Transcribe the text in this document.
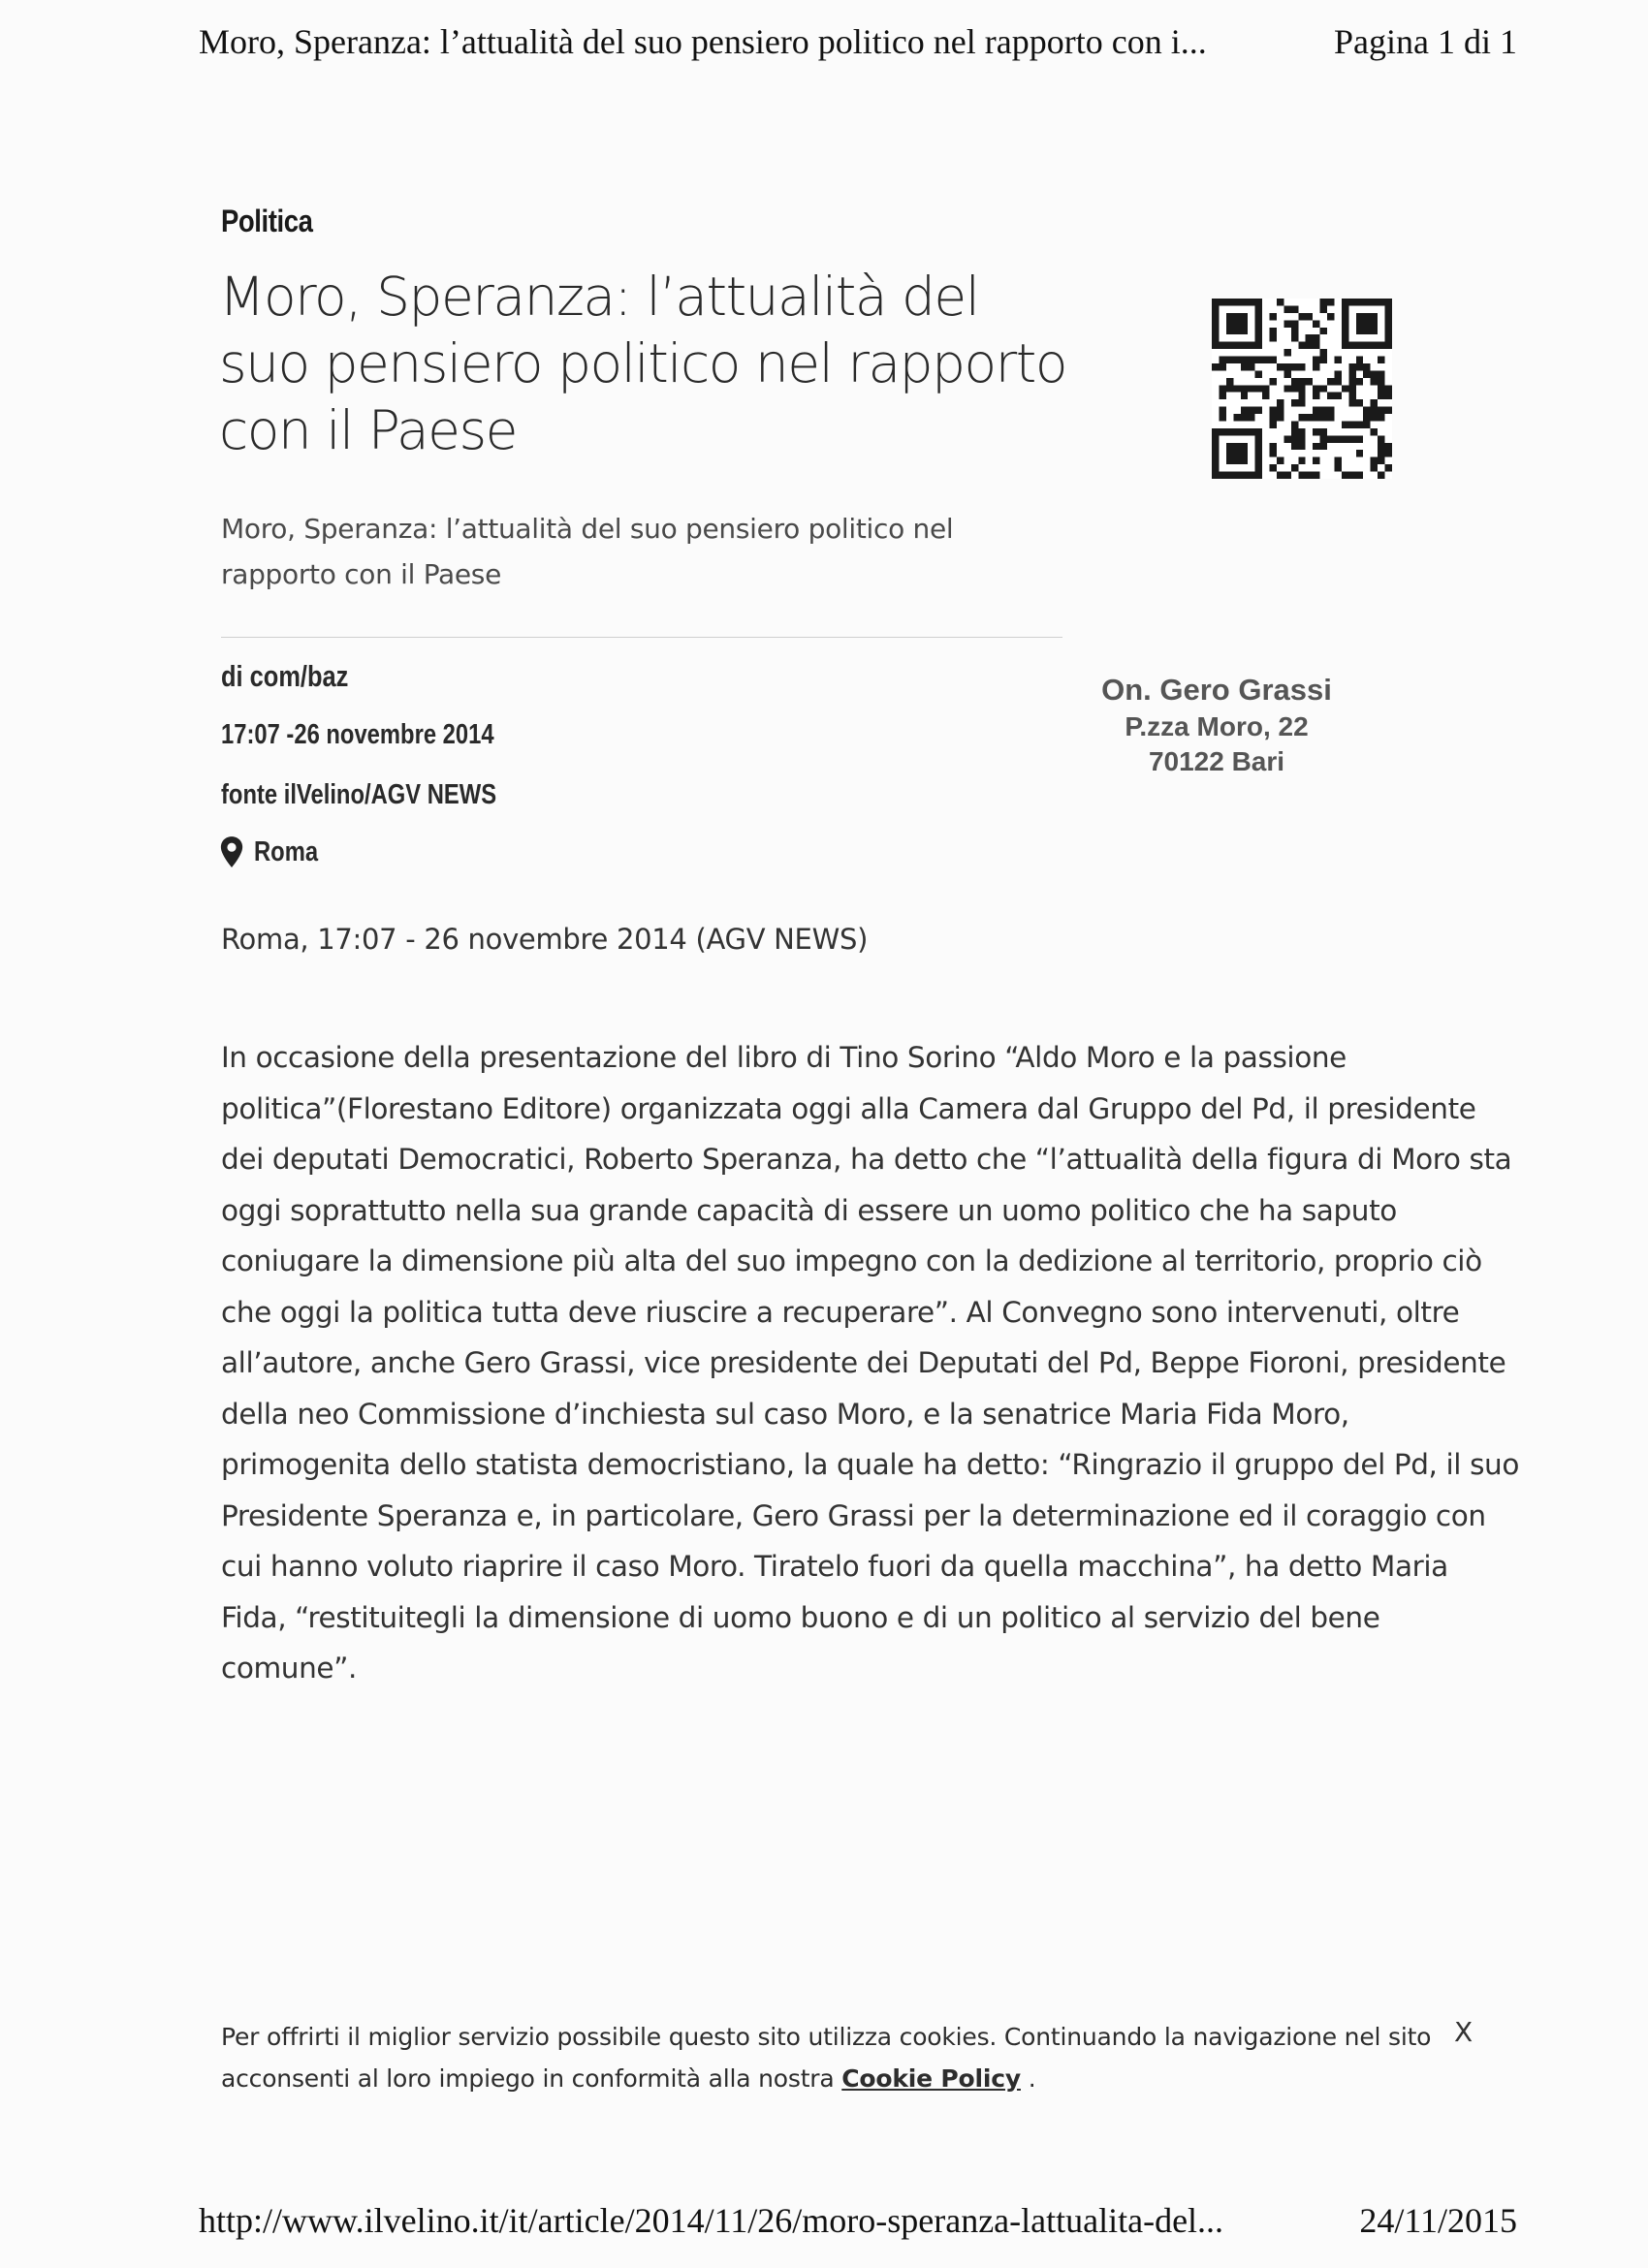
Moro, Speranza: l’attualità del suo pensiero politico nel rapporto con i...	Pagina 1 di 1
Politica
Moro, Speranza: l’attualità del suo pensiero politico nel rapporto con il Paese

Moro, Speranza: l’attualità del suo pensiero politico nel rapporto con il Paese

di com/baz
17:07 -26 novembre 2014
fonte ilVelino/AGV NEWS
Roma
Roma, 17:07 - 26 novembre 2014 (AGV NEWS)

In occasione della presentazione del libro di Tino Sorino “Aldo Moro e la passione politica”(Florestano Editore) organizzata oggi alla Camera dal Gruppo del Pd, il presidente dei deputati Democratici, Roberto Speranza, ha detto che “l’attualità della figura di Moro sta oggi soprattutto nella sua grande capacità di essere un uomo politico che ha saputo coniugare la dimensione più alta del suo impegno con la dedizione al territorio, proprio ciò che oggi la politica tutta deve riuscire a recuperare”. Al Convegno sono intervenuti, oltre all’autore, anche Gero Grassi, vice presidente dei Deputati del Pd, Beppe Fioroni, presidente della neo Commissione d’inchiesta sul caso Moro, e la senatrice Maria Fida Moro, primogenita dello statista democristiano, la quale ha detto: “Ringrazio il gruppo del Pd, il suo Presidente Speranza e, in particolare, Gero Grassi per la determinazione ed il coraggio con cui hanno voluto riaprire il caso Moro. Tiratelo fuori da quella macchina”, ha detto Maria Fida, “restituitegli la dimensione di uomo buono e di un politico al servizio del bene comune”.

On. Gero Grassi
P.zza Moro, 22
70122 Bari
Per offrirti il miglior servizio possibile questo sito utilizza cookies. Continuando la navigazione nel sito acconsenti al loro impiego in conformità alla nostra Cookie Policy .
X
http://www.ilvelino.it/it/article/2014/11/26/moro-speranza-lattualita-del...	24/11/2015
